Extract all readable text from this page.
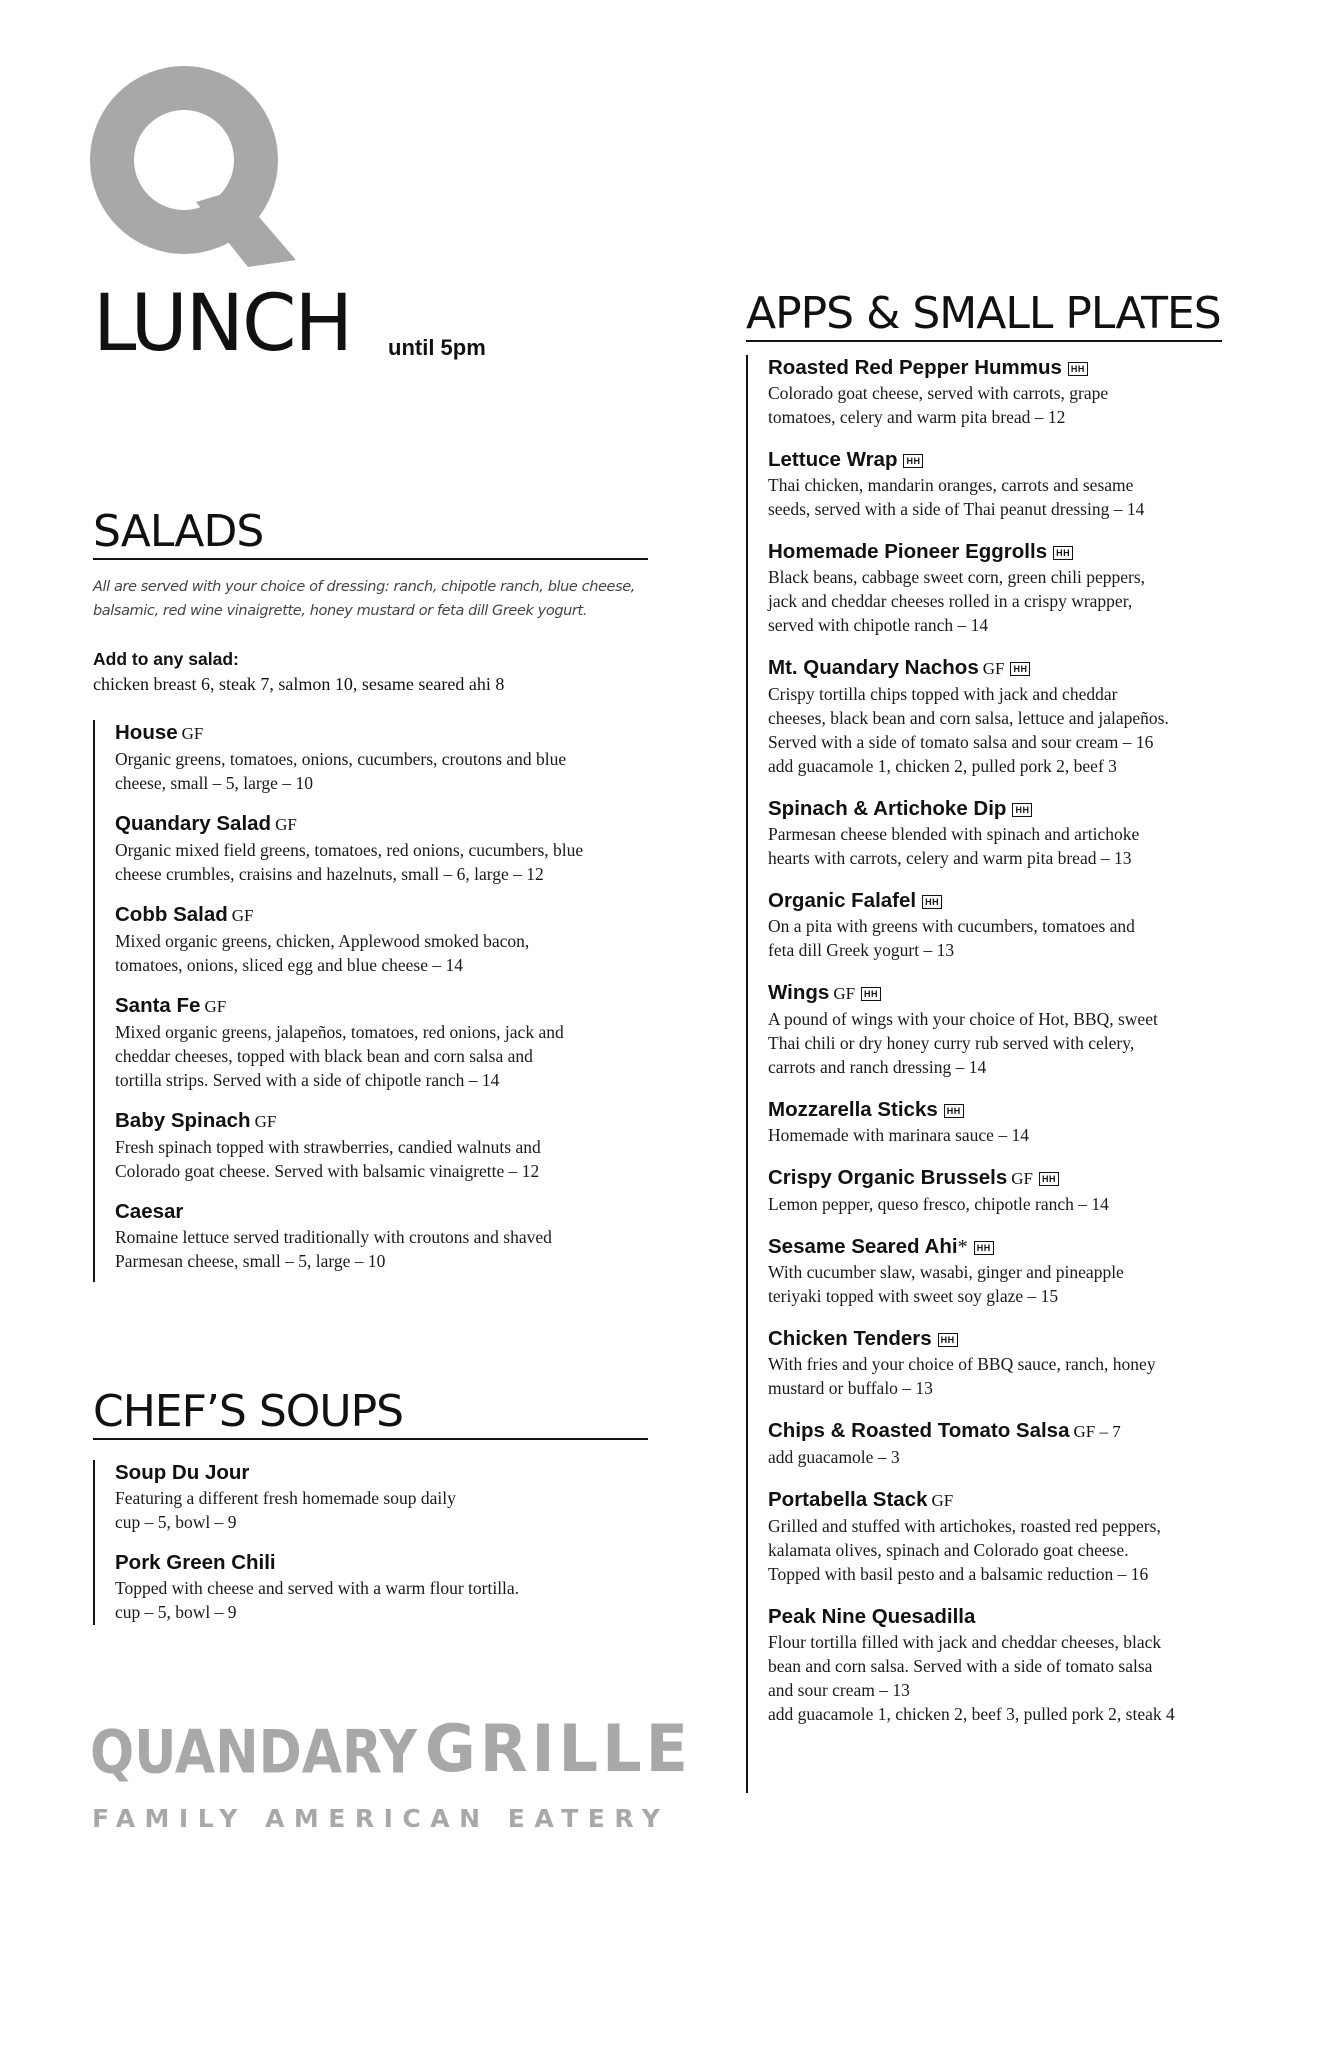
LUNCH until 5pm
SALADS
All are served with your choice of dressing: ranch, chipotle ranch, blue cheese, balsamic, red wine vinaigrette, honey mustard or feta dill Greek yogurt.
Add to any salad:
chicken breast 6, steak 7, salmon 10, sesame seared ahi 8
House GF
Organic greens, tomatoes, onions, cucumbers, croutons and blue
cheese, small – 5, large – 10
Quandary Salad GF
Organic mixed field greens, tomatoes, red onions, cucumbers, blue
cheese crumbles, craisins and hazelnuts, small – 6, large – 12
Cobb Salad GF
Mixed organic greens, chicken, Applewood smoked bacon,
tomatoes, onions, sliced egg and blue cheese – 14
Santa Fe GF
Mixed organic greens, jalapeños, tomatoes, red onions, jack and
cheddar cheeses, topped with black bean and corn salsa and
tortilla strips. Served with a side of chipotle ranch – 14
Baby Spinach GF
Fresh spinach topped with strawberries, candied walnuts and
Colorado goat cheese. Served with balsamic vinaigrette – 12
Caesar
Romaine lettuce served traditionally with croutons and shaved
Parmesan cheese, small – 5, large – 10
CHEF’S SOUPS
Soup Du Jour
Featuring a different fresh homemade soup daily
cup – 5, bowl – 9
Pork Green Chili
Topped with cheese and served with a warm flour tortilla.
cup – 5, bowl – 9
APPS & SMALL PLATES
Roasted Red Pepper Hummus HH
Colorado goat cheese, served with carrots, grape
tomatoes, celery and warm pita bread – 12
Lettuce Wrap HH
Thai chicken, mandarin oranges, carrots and sesame
seeds, served with a side of Thai peanut dressing – 14
Homemade Pioneer Eggrolls HH
Black beans, cabbage sweet corn, green chili peppers,
jack and cheddar cheeses rolled in a crispy wrapper,
served with chipotle ranch – 14
Mt. Quandary Nachos GF HH
Crispy tortilla chips topped with jack and cheddar
cheeses, black bean and corn salsa, lettuce and jalapeños.
Served with a side of tomato salsa and sour cream – 16
add guacamole 1, chicken 2, pulled pork 2, beef 3
Spinach & Artichoke Dip HH
Parmesan cheese blended with spinach and artichoke
hearts with carrots, celery and warm pita bread – 13
Organic Falafel HH
On a pita with greens with cucumbers, tomatoes and
feta dill Greek yogurt – 13
Wings GF HH
A pound of wings with your choice of Hot, BBQ, sweet
Thai chili or dry honey curry rub served with celery,
carrots and ranch dressing – 14
Mozzarella Sticks HH
Homemade with marinara sauce – 14
Crispy Organic Brussels GF HH
Lemon pepper, queso fresco, chipotle ranch – 14
Sesame Seared Ahi* HH
With cucumber slaw, wasabi, ginger and pineapple
teriyaki topped with sweet soy glaze – 15
Chicken Tenders HH
With fries and your choice of BBQ sauce, ranch, honey
mustard or buffalo – 13
Chips & Roasted Tomato Salsa GF – 7
add guacamole – 3
Portabella Stack GF
Grilled and stuffed with artichokes, roasted red peppers,
kalamata olives, spinach and Colorado goat cheese.
Topped with basil pesto and a balsamic reduction – 16
Peak Nine Quesadilla
Flour tortilla filled with jack and cheddar cheeses, black
bean and corn salsa. Served with a side of tomato salsa
and sour cream – 13
add guacamole 1, chicken 2, beef 3, pulled pork 2, steak 4
QUANDARY GRILLE
FAMILY AMERICAN EATERY
